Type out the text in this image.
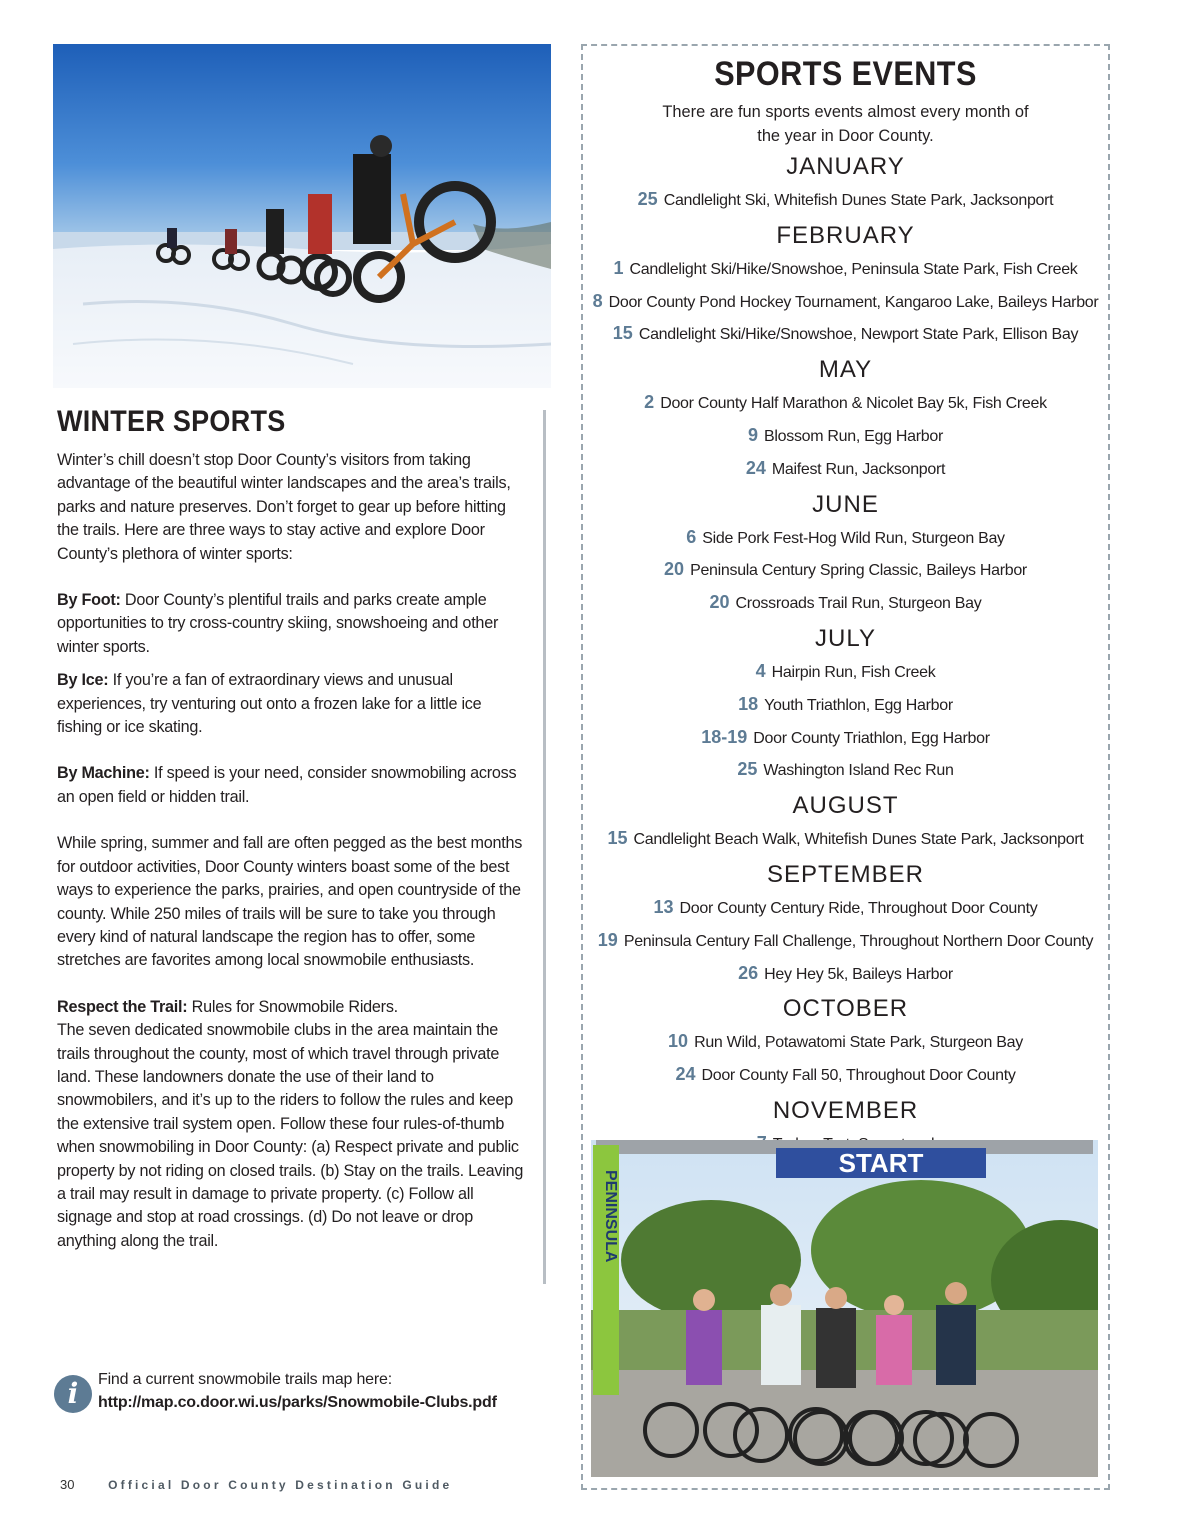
WINTER SPORTS

Winter’s chill doesn’t stop Door County’s visitors from taking advantage of the beautiful winter landscapes and the area’s trails, parks and nature preserves. Don’t forget to gear up before hitting the trails. Here are three ways to stay active and explore Door County’s plethora of winter sports:

By Foot: Door County’s plentiful trails and parks create ample opportunities to try cross-country skiing, snowshoeing and other winter sports.

By Ice: If you’re a fan of extraordinary views and unusual experiences, try venturing out onto a frozen lake for a little ice fishing or ice skating.

By Machine: If speed is your need, consider snowmobiling across an open field or hidden trail.

While spring, summer and fall are often pegged as the best months for outdoor activities, Door County winters boast some of the best ways to experience the parks, prairies, and open countryside of the county. While 250 miles of trails will be sure to take you through every kind of natural landscape the region has to offer, some stretches are favorites among local snowmobile enthusiasts.

Respect the Trail: Rules for Snowmobile Riders.
The seven dedicated snowmobile clubs in the area maintain the trails throughout the county, most of which travel through private land. These landowners donate the use of their land to snowmobilers, and it’s up to the riders to follow the rules and keep the extensive trail system open. Follow these four rules-of-thumb when snowmobiling in Door County: (a) Respect private and public property by not riding on closed trails. (b) Stay on the trails. Leaving a trail may result in damage to private property. (c) Follow all signage and stop at road crossings. (d) Do not leave or drop anything along the trail.

i	Find a current snowmobile trails map here:
http://map.co.door.wi.us/parks/Snowmobile-Clubs.pdf
30	Official Door County Destination Guide
SPORTS EVENTS
There are fun sports events almost every month of
the year in Door County.
JANUARY
25 Candlelight Ski, Whitefish Dunes State Park, Jacksonport
FEBRUARY
1 Candlelight Ski/Hike/Snowshoe, Peninsula State Park, Fish Creek
8 Door County Pond Hockey Tournament, Kangaroo Lake, Baileys Harbor
15 Candlelight Ski/Hike/Snowshoe, Newport State Park, Ellison Bay
MAY
2 Door County Half Marathon & Nicolet Bay 5k, Fish Creek
9 Blossom Run, Egg Harbor
24 Maifest Run, Jacksonport
JUNE
6 Side Pork Fest-Hog Wild Run, Sturgeon Bay
20 Peninsula Century Spring Classic, Baileys Harbor
20 Crossroads Trail Run, Sturgeon Bay
JULY
4 Hairpin Run, Fish Creek
18 Youth Triathlon, Egg Harbor
18-19 Door County Triathlon, Egg Harbor
25 Washington Island Rec Run
AUGUST
15 Candlelight Beach Walk, Whitefish Dunes State Park, Jacksonport
SEPTEMBER
13 Door County Century Ride, Throughout Door County
19 Peninsula Century Fall Challenge, Throughout Northern Door County
26 Hey Hey 5k, Baileys Harbor
OCTOBER
10 Run Wild, Potawatomi State Park, Sturgeon Bay
24 Door County Fall 50, Throughout Door County
NOVEMBER
START
PENINSULA
